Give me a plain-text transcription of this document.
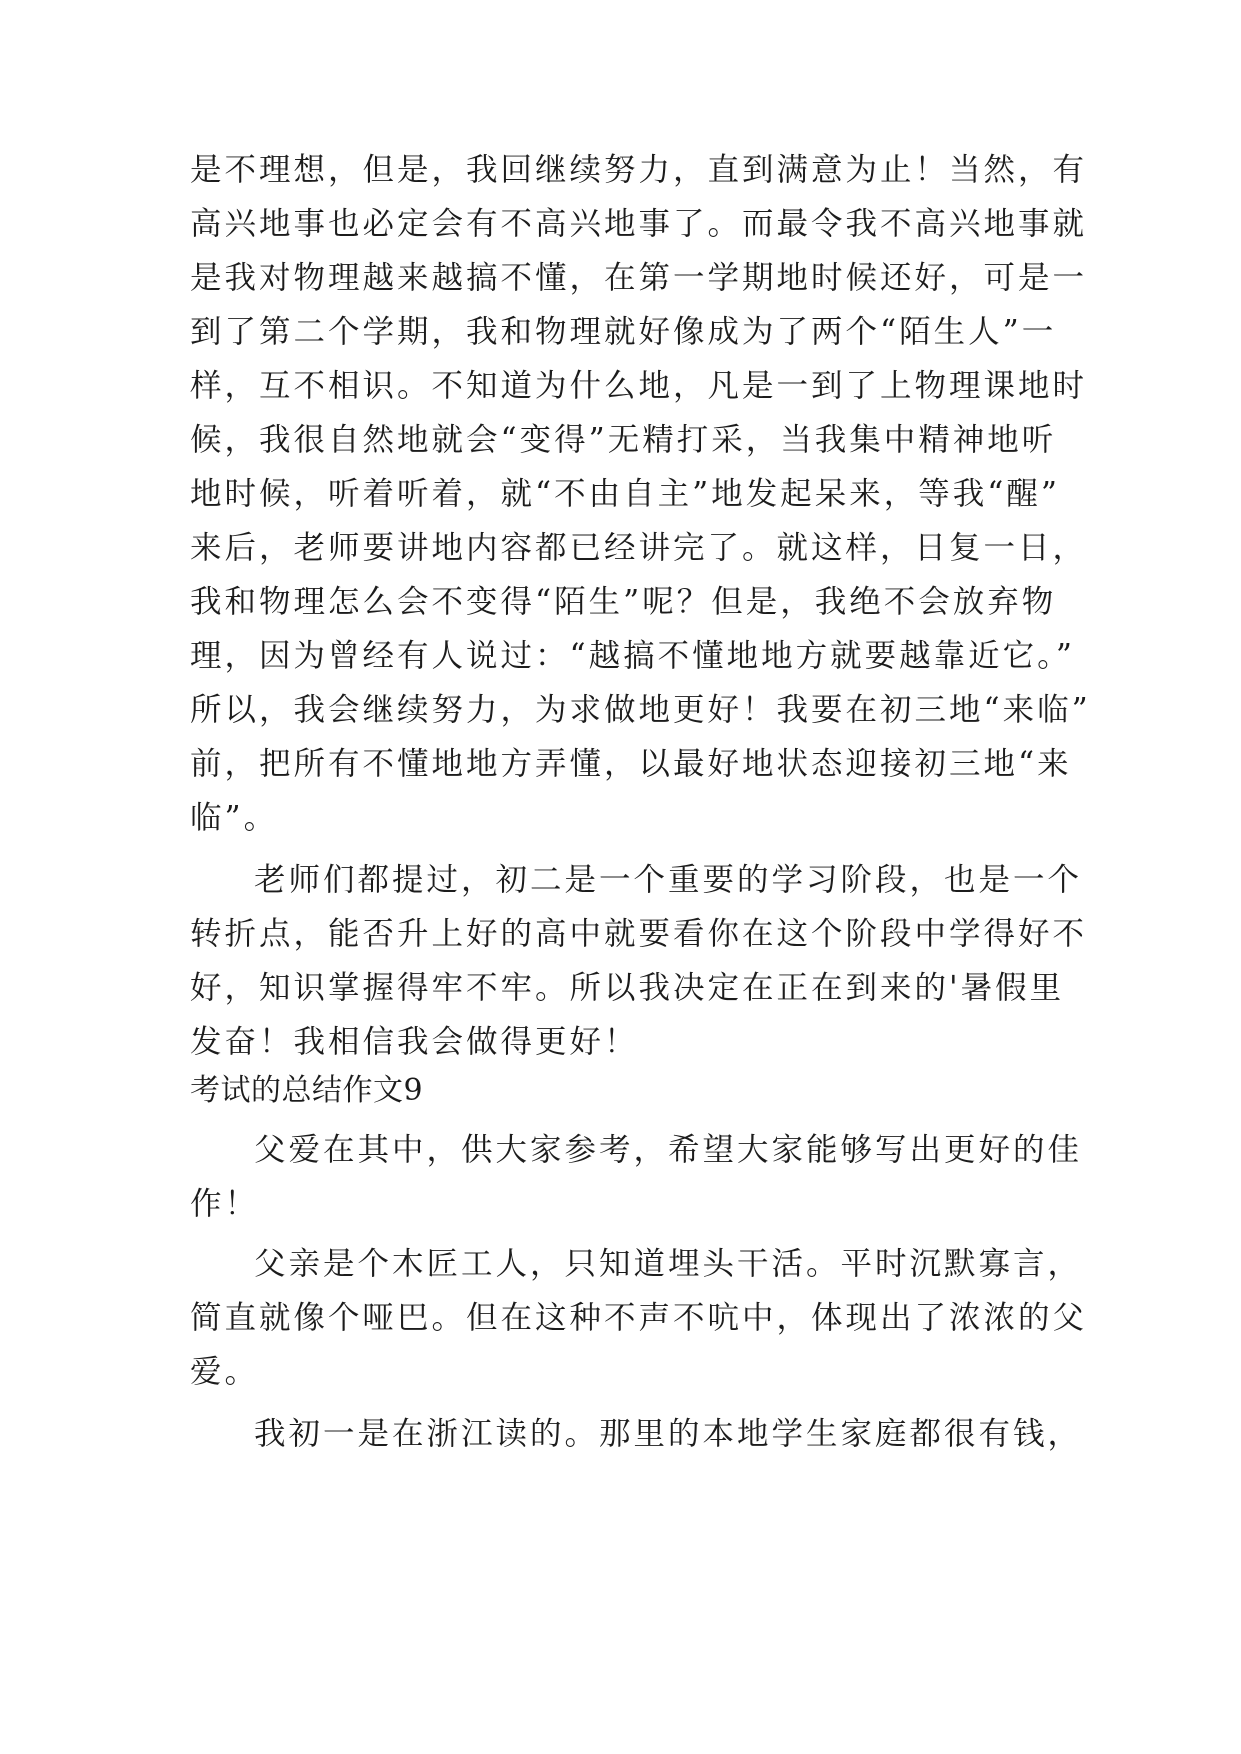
是不理想，但是，我回继续努力，直到满意为止！当然，有

高兴地事也必定会有不高兴地事了。而最令我不高兴地事就

是我对物理越来越搞不懂，在第一学期地时候还好，可是一

到了第二个学期，我和物理就好像成为了两个“陌生人”一

样，互不相识。不知道为什么地，凡是一到了上物理课地时

候，我很自然地就会“变得”无精打采，当我集中精神地听

地时候，听着听着，就“不由自主”地发起呆来，等我“醒”

来后，老师要讲地内容都已经讲完了。就这样，日复一日，

我和物理怎么会不变得“陌生”呢？但是，我绝不会放弃物

理，因为曾经有人说过：“越搞不懂地地方就要越靠近它。”

所以，我会继续努力，为求做地更好！我要在初三地“来临”

前，把所有不懂地地方弄懂，以最好地状态迎接初三地“来

临”。

老师们都提过，初二是一个重要的学习阶段，也是一个

转折点，能否升上好的高中就要看你在这个阶段中学得好不

好，知识掌握得牢不牢。所以我决定在正在到来的'暑假里

发奋！我相信我会做得更好！

考试的总结作文9

父爱在其中，供大家参考，希望大家能够写出更好的佳

作！

父亲是个木匠工人，只知道埋头干活。平时沉默寡言，

简直就像个哑巴。但在这种不声不吭中，体现出了浓浓的父

爱。

我初一是在浙江读的。那里的本地学生家庭都很有钱，
